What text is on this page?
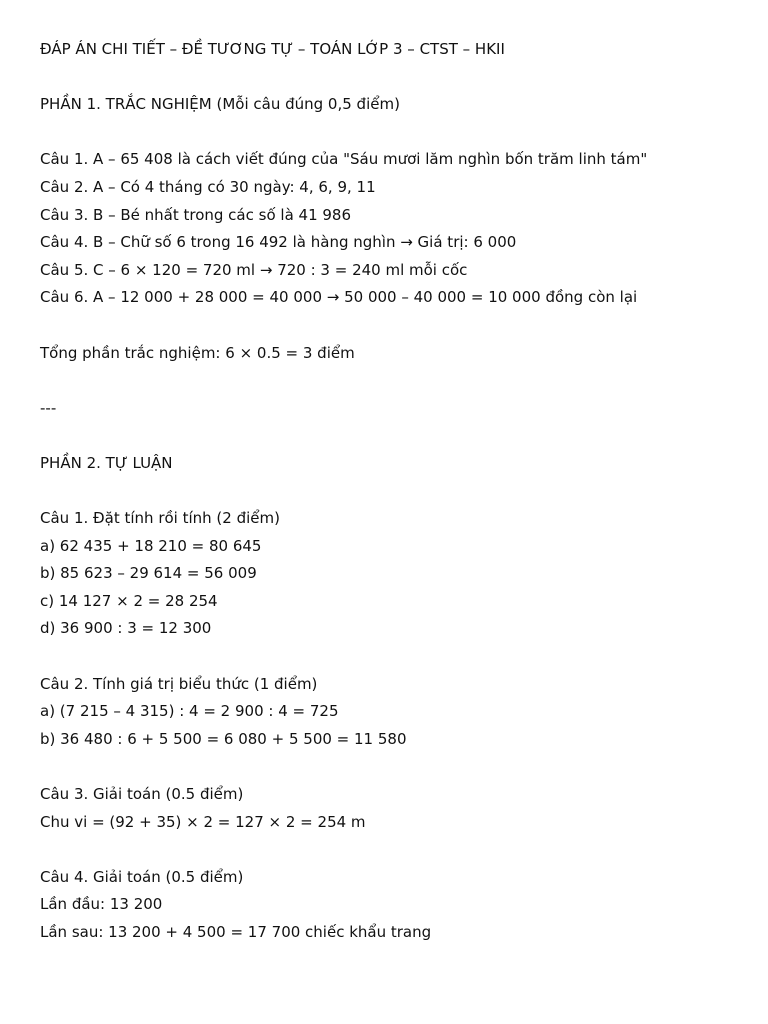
ĐÁP ÁN CHI TIẾT – ĐỀ TƯƠNG TỰ – TOÁN LỚP 3 – CTST – HKII
PHẦN 1. TRẮC NGHIỆM (Mỗi câu đúng 0,5 điểm)
Câu 1. A – 65 408 là cách viết đúng của "Sáu mươi lăm nghìn bốn trăm linh tám"
Câu 2. A – Có 4 tháng có 30 ngày: 4, 6, 9, 11
Câu 3. B – Bé nhất trong các số là 41 986
Câu 4. B – Chữ số 6 trong 16 492 là hàng nghìn → Giá trị: 6 000
Câu 5. C – 6 × 120 = 720 ml → 720 : 3 = 240 ml mỗi cốc
Câu 6. A – 12 000 + 28 000 = 40 000 → 50 000 – 40 000 = 10 000 đồng còn lại
Tổng phần trắc nghiệm: 6 × 0.5 = 3 điểm
---
PHẦN 2. TỰ LUẬN
Câu 1. Đặt tính rồi tính (2 điểm)
a) 62 435 + 18 210 = 80 645
b) 85 623 – 29 614 = 56 009
c) 14 127 × 2 = 28 254
d) 36 900 : 3 = 12 300
Câu 2. Tính giá trị biểu thức (1 điểm)
a) (7 215 – 4 315) : 4 = 2 900 : 4 = 725
b) 36 480 : 6 + 5 500 = 6 080 + 5 500 = 11 580
Câu 3. Giải toán (0.5 điểm)
Chu vi = (92 + 35) × 2 = 127 × 2 = 254 m
Câu 4. Giải toán (0.5 điểm)
Lần đầu: 13 200
Lần sau: 13 200 + 4 500 = 17 700 chiếc khẩu trang
